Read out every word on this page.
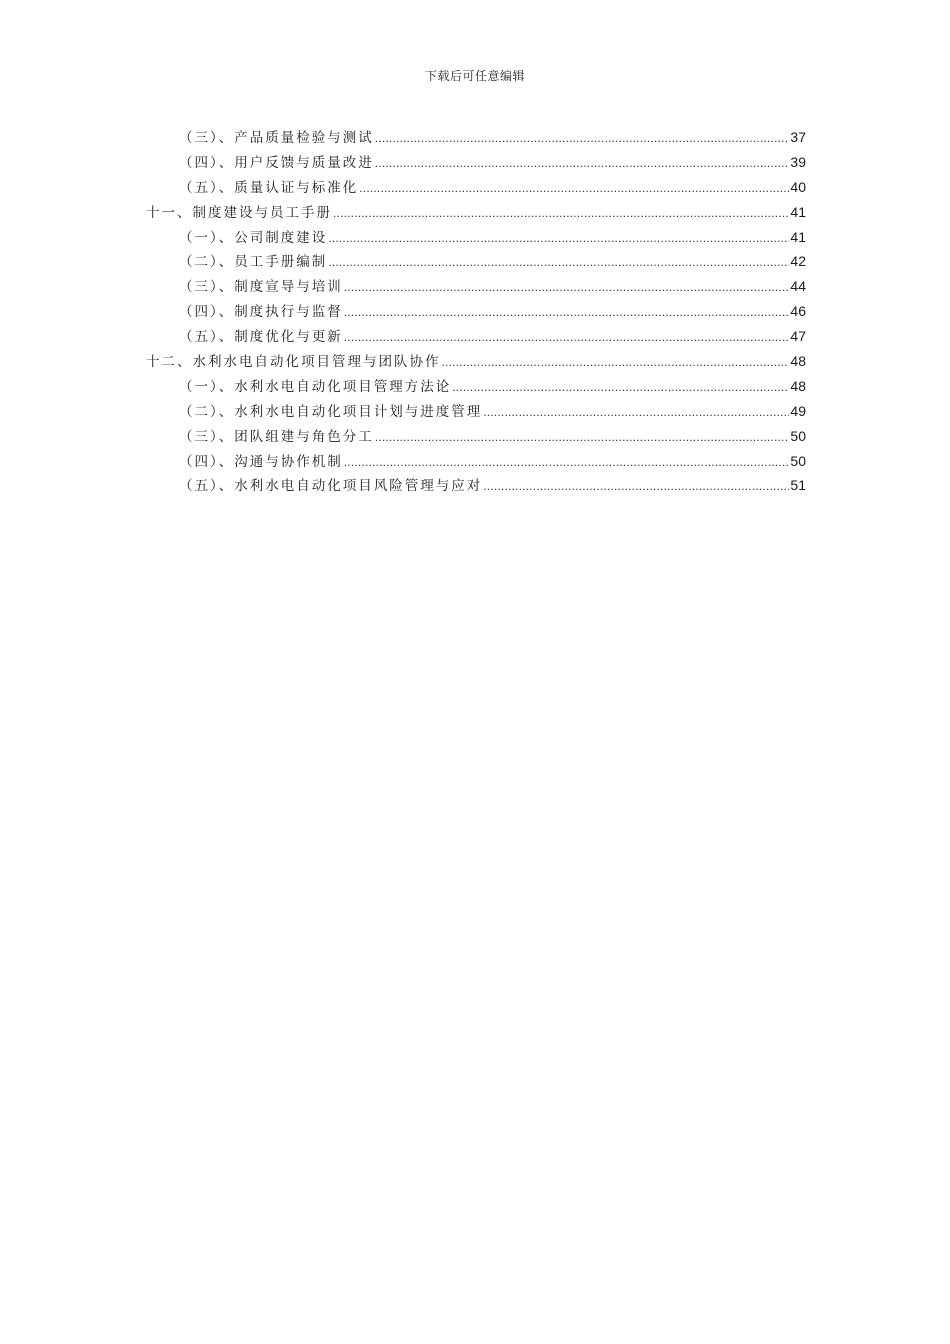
下载后可任意编辑
（三）、产品质量检验与测试 .....	37
（四）、用户反馈与质量改进 .....	39
（五）、质量认证与标准化 .....	40
十一、制度建设与员工手册 .....	41
（一）、公司制度建设 .....	41
（二）、员工手册编制 .....	42
（三）、制度宣导与培训 .....	44
（四）、制度执行与监督 .....	46
（五）、制度优化与更新 .....	47
十二、水利水电自动化项目管理与团队协作 .....	48
（一）、水利水电自动化项目管理方法论 .....	48
（二）、水利水电自动化项目计划与进度管理 .....	49
（三）、团队组建与角色分工 .....	50
（四）、沟通与协作机制 .....	50
（五）、水利水电自动化项目风险管理与应对 .....	51
